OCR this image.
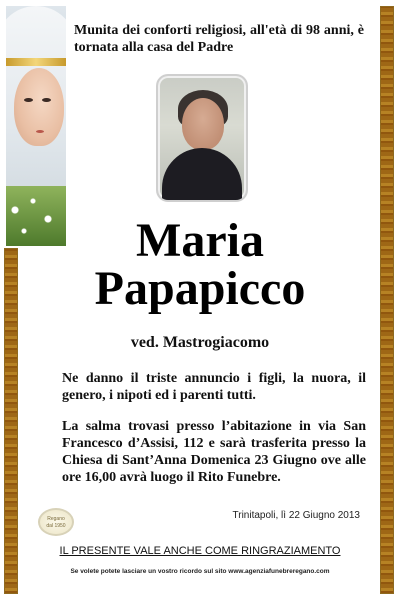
Munita dei conforti religiosi, all'età di 98 anni, è tornata alla casa del Padre
Maria
Papapicco
ved. Mastrogiacomo
Ne danno il triste annuncio i figli, la nuora, il genero, i nipoti ed i parenti tutti.
La salma trovasi presso l’abitazione in via San Francesco d’Assisi, 112 e sarà trasferita presso la Chiesa di Sant’Anna Domenica 23 Giugno ove alle ore 16,00 avrà luogo il Rito Funebre.
Regano
dal 1950
Trinitapoli, lì 22 Giugno 2013
IL PRESENTE VALE ANCHE COME RINGRAZIAMENTO
Se volete potete lasciare un vostro ricordo sul sito www.agenziafunebreregano.com
